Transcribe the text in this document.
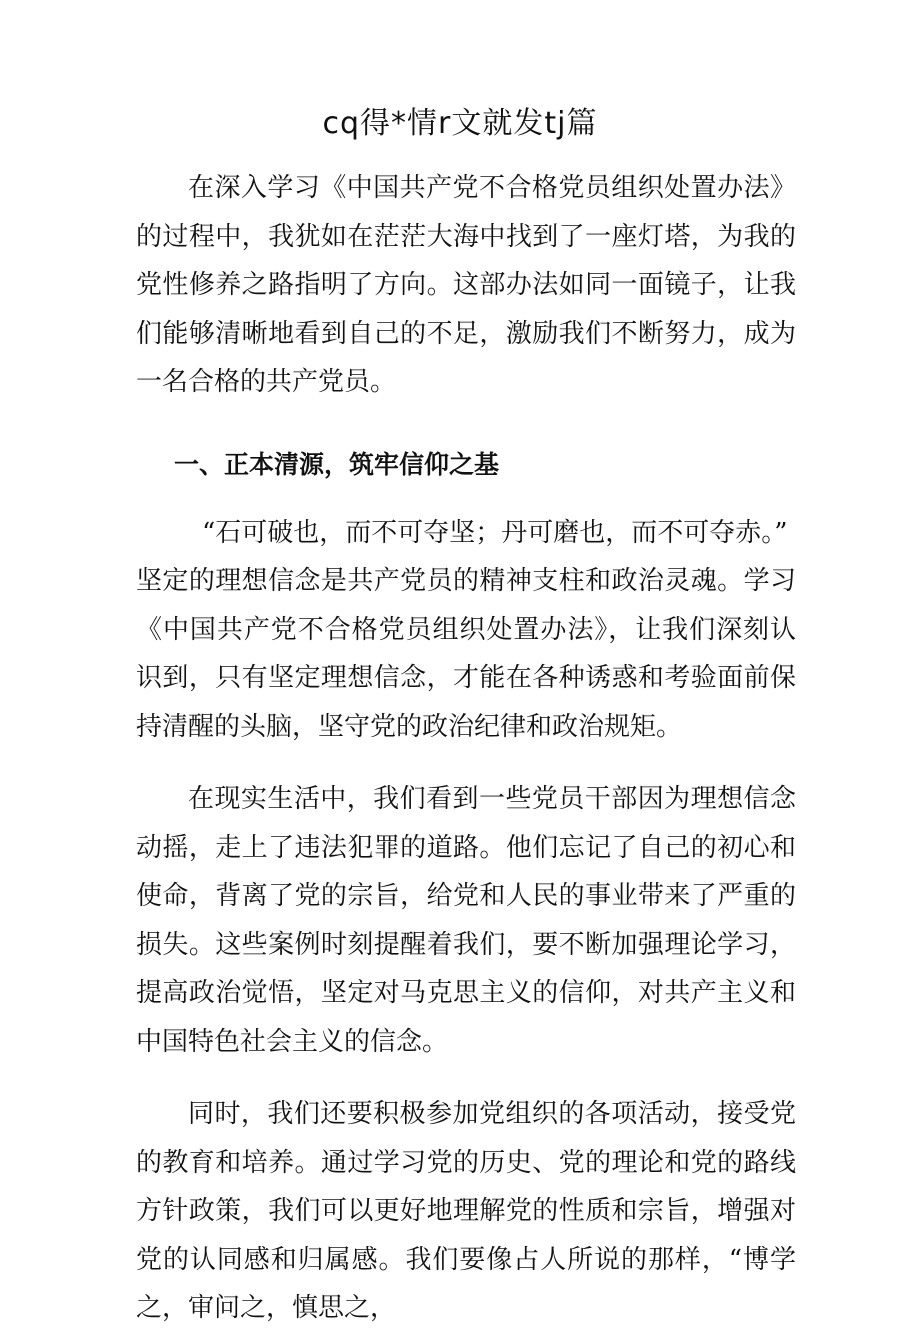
cq得*情r文就发tj篇

在深入学习《中国共产党不合格党员组织处置办法》的过程中，我犹如在茫茫大海中找到了一座灯塔，为我的党性修养之路指明了方向。这部办法如同一面镜子，让我们能够清晰地看到自己的不足，激励我们不断努力，成为一名合格的共产党员。

一、正本清源，筑牢信仰之基

“石可破也，而不可夺坚；丹可磨也，而不可夺赤。”

坚定的理想信念是共产党员的精神支柱和政治灵魂。学习《中国共产党不合格党员组织处置办法》，让我们深刻认识到，只有坚定理想信念，才能在各种诱惑和考验面前保持清醒的头脑，坚守党的政治纪律和政治规矩。

在现实生活中，我们看到一些党员干部因为理想信念动摇，走上了违法犯罪的道路。他们忘记了自己的初心和使命，背离了党的宗旨，给党和人民的事业带来了严重的损失。这些案例时刻提醒着我们，要不断加强理论学习，提高政治觉悟，坚定对马克思主义的信仰，对共产主义和中国特色社会主义的信念。

同时，我们还要积极参加党组织的各项活动，接受党的教育和培养。通过学习党的历史、党的理论和党的路线方针政策，我们可以更好地理解党的性质和宗旨，增强对党的认同感和归属感。我们要像占人所说的那样，“博学之，审问之，慎思之，
